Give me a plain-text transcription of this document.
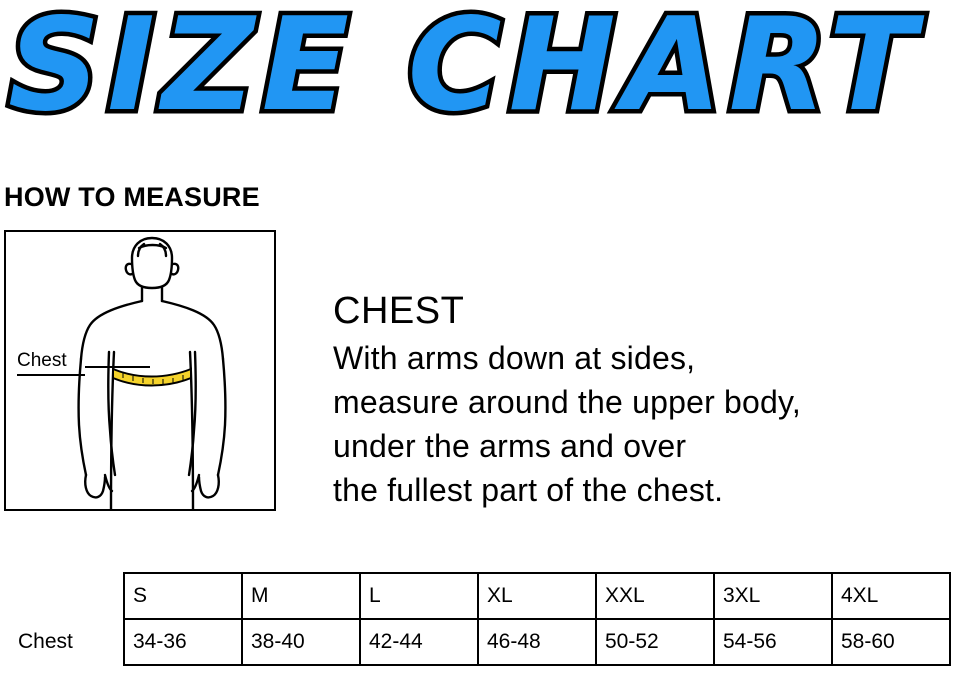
SIZE CHART
HOW TO MEASURE
Chest
CHEST

With arms down at sides,

measure around the upper body,

under the arms and over

the fullest part of the chest.

	S	M	L	XL	XXL	3XL	4XL
Chest	34-36	38-40	42-44	46-48	50-52	54-56	58-60
